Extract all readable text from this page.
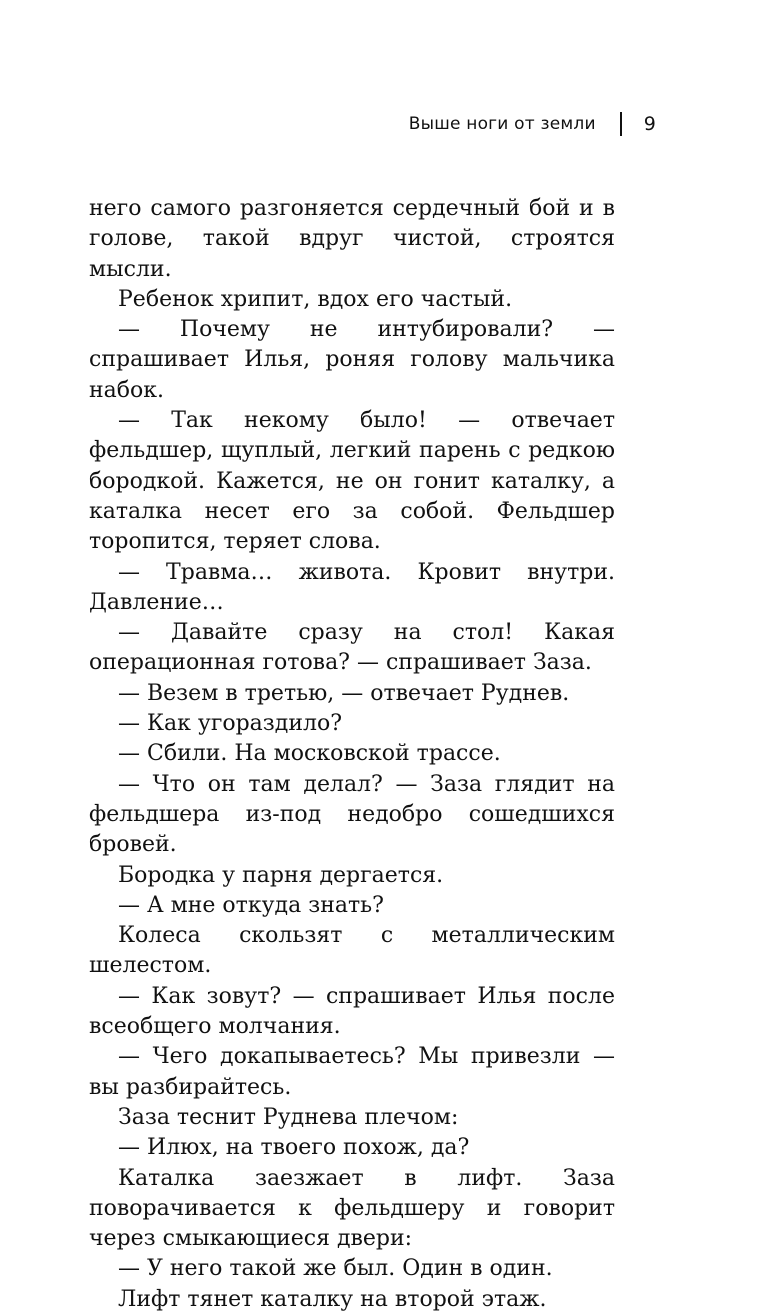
Выше ноги от земли	9

него самого разгоняется сердечный бой и в голове, такой вдруг чистой, строятся мысли.

Ребенок хрипит, вдох его частый.

— Почему не интубировали? — спрашивает Илья, роняя голову мальчика набок.

— Так некому было! — отвечает фельдшер, щуплый, легкий парень с редкою бородкой. Кажется, не он гонит каталку, а каталка несет его за собой. Фельдшер торопится, теряет слова.

— Травма… живота. Кровит внутри. Давление…

— Давайте сразу на стол! Какая операционная готова? — спрашивает Заза.

— Везем в третью, — отвечает Руднев.

— Как угораздило?

— Сбили. На московской трассе.

— Что он там делал? — Заза глядит на фельдшера из-под недобро сошедшихся бровей.

Бородка у парня дергается.

— А мне откуда знать?

Колеса скользят с металлическим шелестом.

— Как зовут? — спрашивает Илья после всеобщего молчания.

— Чего докапываетесь? Мы привезли — вы разбирайтесь.

Заза теснит Руднева плечом:

— Илюх, на твоего похож, да?

Каталка заезжает в лифт. Заза поворачивается к фельдшеру и говорит через смыкающиеся двери:

— У него такой же был. Один в один.

Лифт тянет каталку на второй этаж.
